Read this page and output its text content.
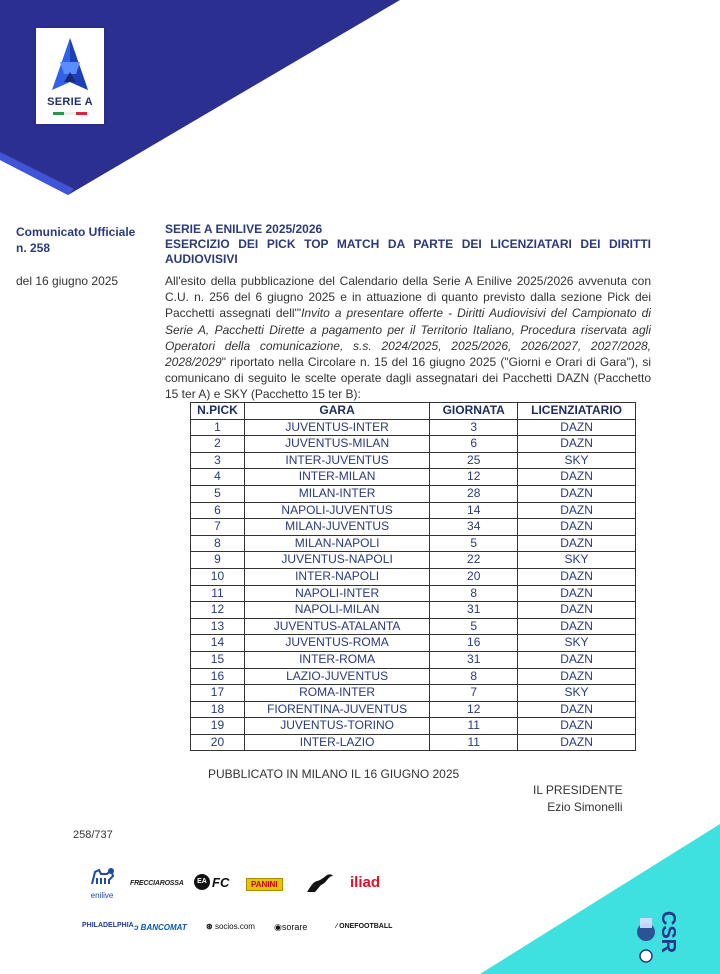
SERIE A
Comunicato Ufficiale
n. 258
del 16 giugno 2025
SERIE A ENILIVE 2025/2026
ESERCIZIO DEI PICK TOP MATCH DA PARTE DEI LICENZIATARI DEI DIRITTI AUDIOVISIVI
All'esito della pubblicazione del Calendario della Serie A Enilive 2025/2026 avvenuta con C.U. n. 256 del 6 giugno 2025 e in attuazione di quanto previsto dalla sezione Pick dei Pacchetti assegnati dell'"Invito a presentare offerte - Diritti Audiovisivi del Campionato di Serie A, Pacchetti Dirette a pagamento per il Territorio Italiano, Procedura riservata agli Operatori della comunicazione, s.s. 2024/2025, 2025/2026, 2026/2027, 2027/2028, 2028/2029" riportato nella Circolare n. 15 del 16 giugno 2025 ("Giorni e Orari di Gara"), si comunicano di seguito le scelte operate dagli assegnatari dei Pacchetti DAZN (Pacchetto 15 ter A) e SKY (Pacchetto 15 ter B):
N.PICK	GARA	GIORNATA	LICENZIATARIO
1	JUVENTUS-INTER	3	DAZN
2	JUVENTUS-MILAN	6	DAZN
3	INTER-JUVENTUS	25	SKY
4	INTER-MILAN	12	DAZN
5	MILAN-INTER	28	DAZN
6	NAPOLI-JUVENTUS	14	DAZN
7	MILAN-JUVENTUS	34	DAZN
8	MILAN-NAPOLI	5	DAZN
9	JUVENTUS-NAPOLI	22	SKY
10	INTER-NAPOLI	20	DAZN
11	NAPOLI-INTER	8	DAZN
12	NAPOLI-MILAN	31	DAZN
13	JUVENTUS-ATALANTA	5	DAZN
14	JUVENTUS-ROMA	16	SKY
15	INTER-ROMA	31	DAZN
16	LAZIO-JUVENTUS	8	DAZN
17	ROMA-INTER	7	SKY
18	FIORENTINA-JUVENTUS	12	DAZN
19	JUVENTUS-TORINO	11	DAZN
20	INTER-LAZIO	11	DAZN
PUBBLICATO IN MILANO IL 16 GIUGNO 2025
IL PRESIDENTE
Ezio Simonelli
258/737
CSR
enilive
FRECCIAROSSA	EA FC	PANINI	iliad
PHILADELPHIA ↄ BANCOMAT ⊛ socios.com ◉sorare	⁄ ONEFOOTBALL
